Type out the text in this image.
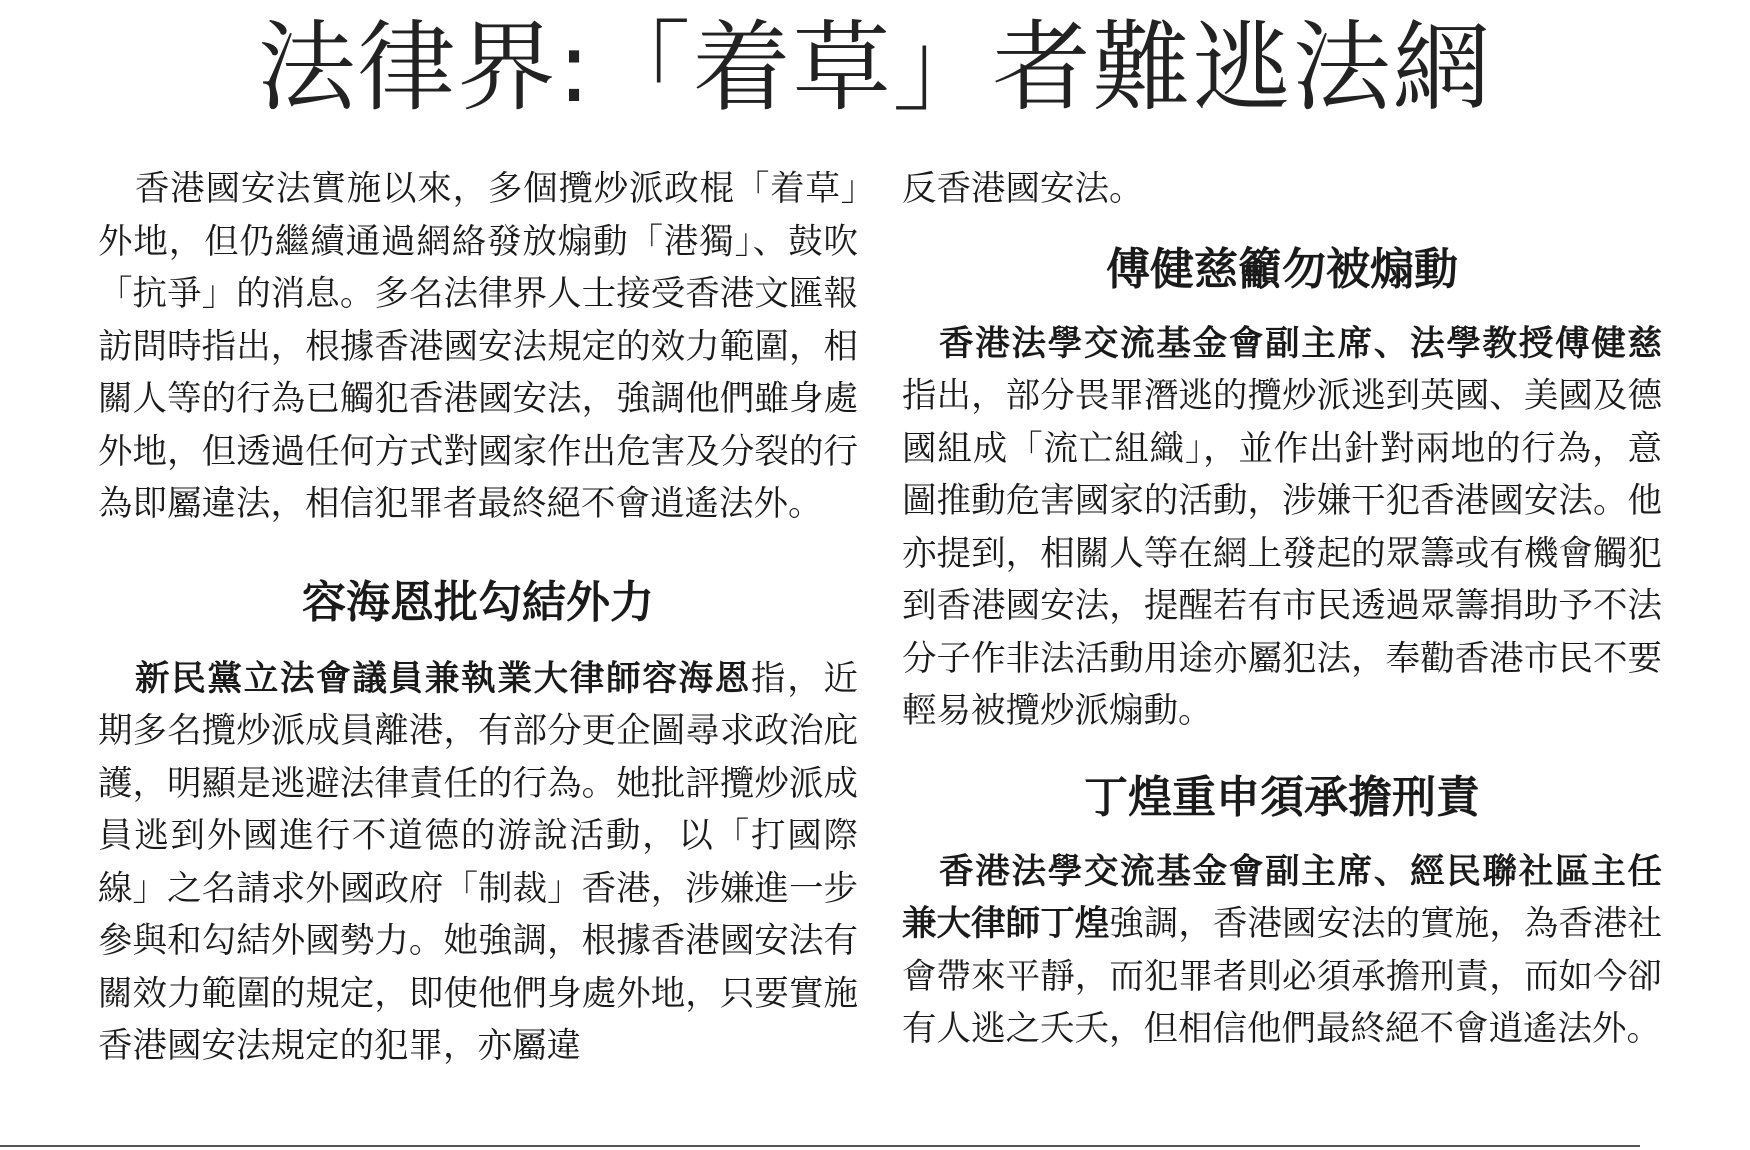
法律界:「着草」者難逃法網

香港國安法實施以來，多個攬炒派政棍「着草」外地，但仍繼續通過網絡發放煽動「港獨」、鼓吹「抗爭」的消息。多名法律界人士接受香港文匯報訪問時指出，根據香港國安法規定的效力範圍，相關人等的行為已觸犯香港國安法，強調他們雖身處外地，但透過任何方式對國家作出危害及分裂的行為即屬違法，相信犯罪者最終絕不會逍遙法外。

容海恩批勾結外力

新民黨立法會議員兼執業大律師容海恩指，近期多名攬炒派成員離港，有部分更企圖尋求政治庇護，明顯是逃避法律責任的行為。她批評攬炒派成員逃到外國進行不道德的游說活動，以「打國際線」之名請求外國政府「制裁」香港，涉嫌進一步參與和勾結外國勢力。她強調，根據香港國安法有關效力範圍的規定，即使他們身處外地，只要實施香港國安法規定的犯罪，亦屬違

反香港國安法。

傅健慈籲勿被煽動

香港法學交流基金會副主席、法學教授傅健慈指出，部分畏罪潛逃的攬炒派逃到英國、美國及德國組成「流亡組織」，並作出針對兩地的行為，意圖推動危害國家的活動，涉嫌干犯香港國安法。他亦提到，相關人等在網上發起的眾籌或有機會觸犯到香港國安法，提醒若有市民透過眾籌捐助予不法分子作非法活動用途亦屬犯法，奉勸香港市民不要輕易被攬炒派煽動。

丁煌重申須承擔刑責

香港法學交流基金會副主席、經民聯社區主任兼大律師丁煌強調，香港國安法的實施，為香港社會帶來平靜，而犯罪者則必須承擔刑責，而如今卻有人逃之夭夭，但相信他們最終絕不會逍遙法外。
